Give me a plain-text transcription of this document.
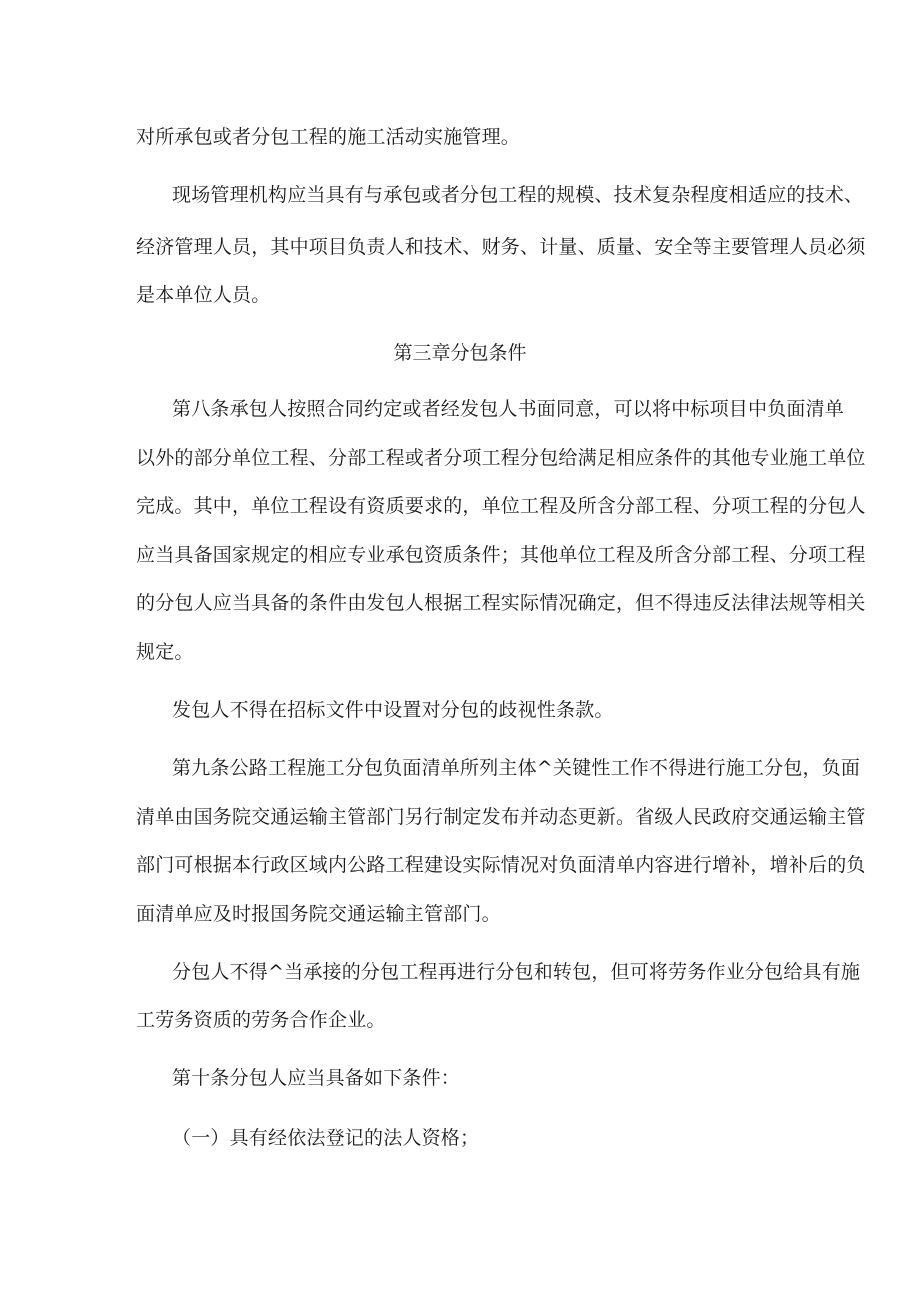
对所承包或者分包工程的施工活动实施管理。
现场管理机构应当具有与承包或者分包工程的规模、技术复杂程度相适应的技术、
经济管理人员，其中项目负责人和技术、财务、计量、质量、安全等主要管理人员必须
是本单位人员。
第三章分包条件
第八条承包人按照合同约定或者经发包人书面同意，可以将中标项目中负面清单
以外的部分单位工程、分部工程或者分项工程分包给满足相应条件的其他专业施工单位
完成。其中，单位工程设有资质要求的，单位工程及所含分部工程、分项工程的分包人
应当具备国家规定的相应专业承包资质条件；其他单位工程及所含分部工程、分项工程
的分包人应当具备的条件由发包人根据工程实际情况确定，但不得违反法律法规等相关
规定。
发包人不得在招标文件中设置对分包的歧视性条款。
第九条公路工程施工分包负面清单所列主体^关键性工作不得进行施工分包，负面
清单由国务院交通运输主管部门另行制定发布并动态更新。省级人民政府交通运输主管
部门可根据本行政区域内公路工程建设实际情况对负面清单内容进行增补，增补后的负
面清单应及时报国务院交通运输主管部门。
分包人不得^当承接的分包工程再进行分包和转包，但可将劳务作业分包给具有施
工劳务资质的劳务合作企业。
第十条分包人应当具备如下条件：
（一）具有经依法登记的法人资格；
